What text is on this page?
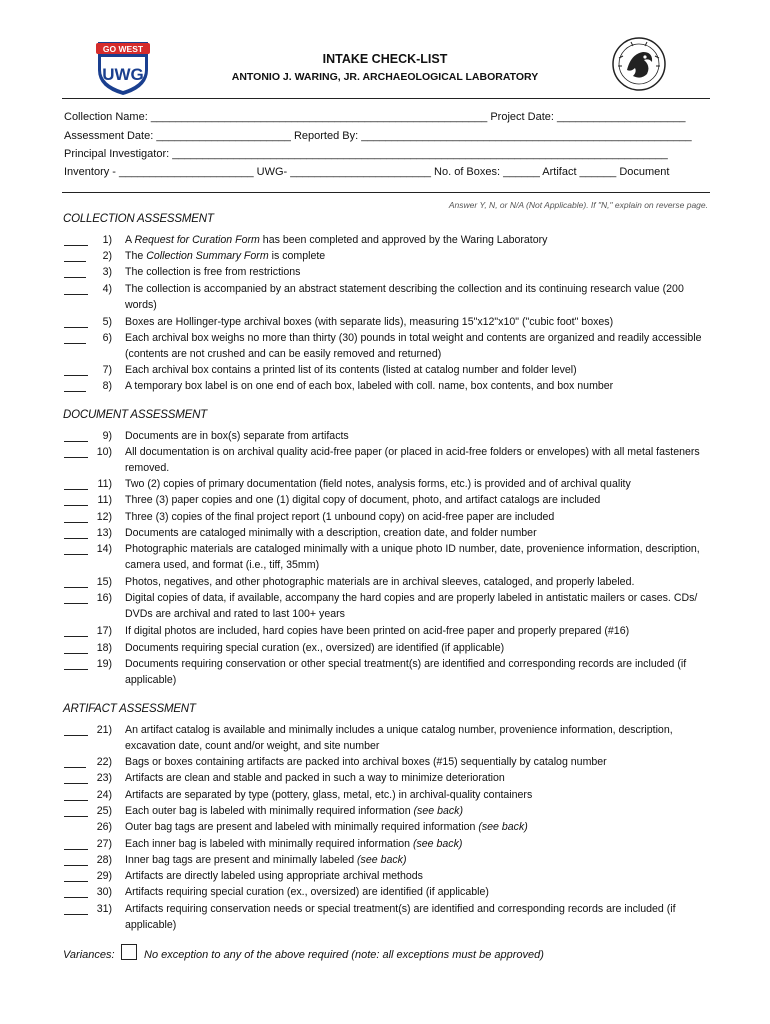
GO WEST
UWG
INTAKE CHECK-LIST
ANTONIO J. WARING, JR. ARCHAEOLOGICAL LABORATORY
Collection Name: _______________________________________________________ Project Date: _____________________
Assessment Date: ______________________ Reported By: ______________________________________________________
Principal Investigator: _________________________________________________________________________________
Inventory - ______________________ UWG- _______________________ No. of Boxes: ______ Artifact ______ Document
Answer Y, N, or N/A (Not Applicable). If "N," explain on reverse page.
COLLECTION ASSESSMENT
1) A Request for Curation Form has been completed and approved by the Waring Laboratory
2) The Collection Summary Form is complete
3) The collection is free from restrictions
4) The collection is accompanied by an abstract statement describing the collection and its continuing research value (200 words)
5) Boxes are Hollinger-type archival boxes (with separate lids), measuring 15"x12"x10" ("cubic foot" boxes)
6) Each archival box weighs no more than thirty (30) pounds in total weight and contents are organized and readily accessible (contents are not crushed and can be easily removed and returned)
7) Each archival box contains a printed list of its contents (listed at catalog number and folder level)
8) A temporary box label is on one end of each box, labeled with coll. name, box contents, and box number
DOCUMENT ASSESSMENT
9) Documents are in box(s) separate from artifacts
10) All documentation is on archival quality acid-free paper (or placed in acid-free folders or envelopes) with all metal fasteners removed.
11) Two (2) copies of primary documentation (field notes, analysis forms, etc.) is provided and of archival quality
11) Three (3) paper copies and one (1) digital copy of document, photo, and artifact catalogs are included
12) Three (3) copies of the final project report (1 unbound copy) on acid-free paper are included
13) Documents are cataloged minimally with a description, creation date, and folder number
14) Photographic materials are cataloged minimally with a unique photo ID number, date, provenience information, description, camera used, and format (i.e., tiff, 35mm)
15) Photos, negatives, and other photographic materials are in archival sleeves, cataloged, and properly labeled.
16) Digital copies of data, if available, accompany the hard copies and are properly labeled in antistatic mailers or cases. CDs/ DVDs are archival and rated to last 100+ years
17) If digital photos are included, hard copies have been printed on acid-free paper and properly prepared (#16)
18) Documents requiring special curation (ex., oversized) are identified (if applicable)
19) Documents requiring conservation or other special treatment(s) are identified and corresponding records are included (if applicable)
ARTIFACT ASSESSMENT
21) An artifact catalog is available and minimally includes a unique catalog number, provenience information, description, excavation date, count and/or weight, and site number
22) Bags or boxes containing artifacts are packed into archival boxes (#15) sequentially by catalog number
23) Artifacts are clean and stable and packed in such a way to minimize deterioration
24) Artifacts are separated by type (pottery, glass, metal, etc.) in archival-quality containers
25) Each outer bag is labeled with minimally required information (see back)
26) Outer bag tags are present and labeled with minimally required information (see back)
27) Each inner bag is labeled with minimally required information (see back)
28) Inner bag tags are present and minimally labeled (see back)
29) Artifacts are directly labeled using appropriate archival methods
30) Artifacts requiring special curation (ex., oversized) are identified (if applicable)
31) Artifacts requiring conservation needs or special treatment(s) are identified and corresponding records are included (if applicable)
Variances:	No exception to any of the above required (note: all exceptions must be approved)
